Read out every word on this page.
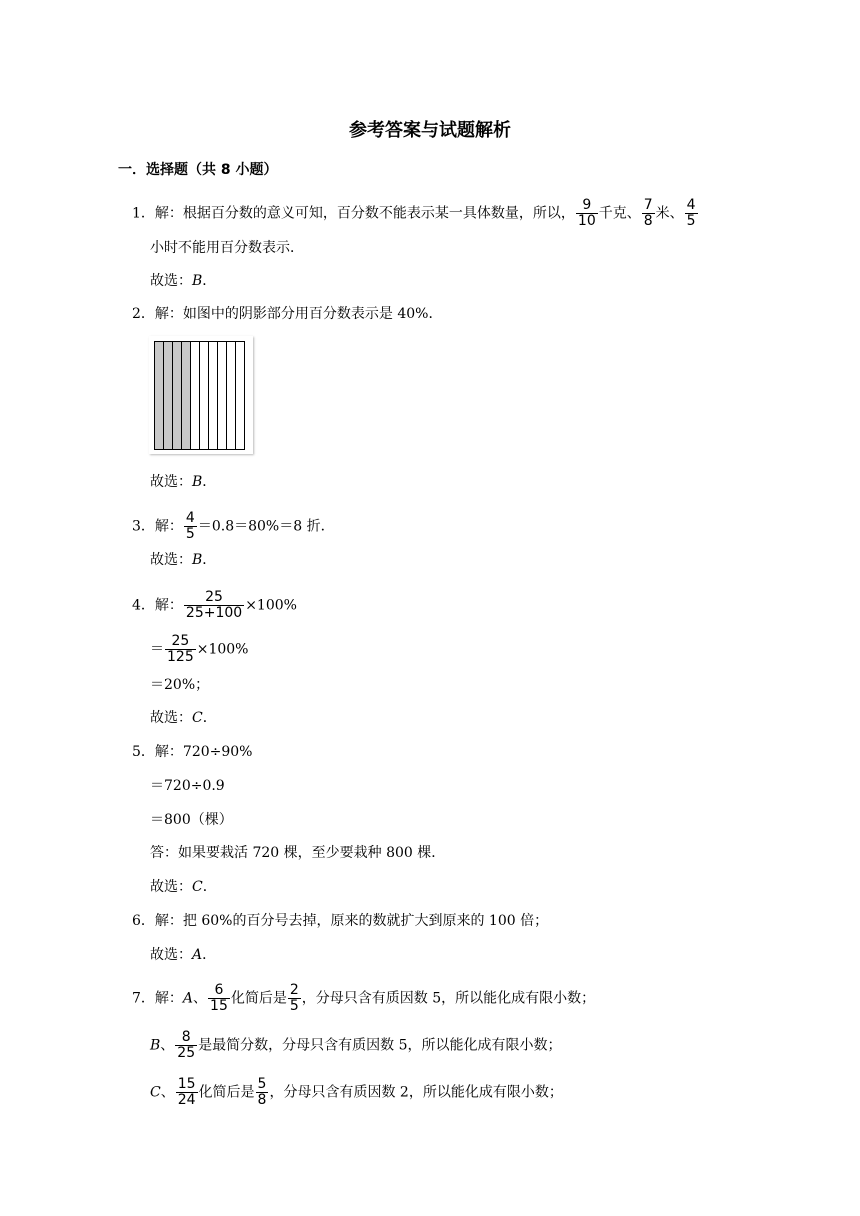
参考答案与试题解析
一．选择题（共 8 小题）
1．解：根据百分数的意义可知，百分数不能表示某一具体数量，所以， $\frac{9}{10}$ 千克、 $\frac{7}{8}$ 米、 $\frac{4}{5}$
小时不能用百分数表示．
故选：B．
2．解：如图中的阴影部分用百分数表示是 40%．
故选：B．
3．解： $\frac{4}{5} =0.8=80\%=8$ 折．
故选：B．
4．解： $\frac{25}{25+100} \times 100\%$
＝ $\frac{25}{125} \times 100\%$
＝20%；
故选：C．
5．解：720÷90%
＝720÷0.9
＝800（棵）
答：如果要栽活 720 棵，至少要栽种 800 棵．
故选：C．
6．解：把 60%的百分号去掉，原来的数就扩大到原来的 100 倍；
故选：A．
7．解：A、 $\frac{6}{15}$ 化简后是 $\frac{2}{5}$ ，分母只含有质因数 5，所以能化成有限小数；
B、 $\frac{8}{25}$ 是最简分数，分母只含有质因数 5，所以能化成有限小数；
C、 $\frac{15}{24}$ 化简后是 $\frac{5}{8}$ ，分母只含有质因数 2，所以能化成有限小数；
